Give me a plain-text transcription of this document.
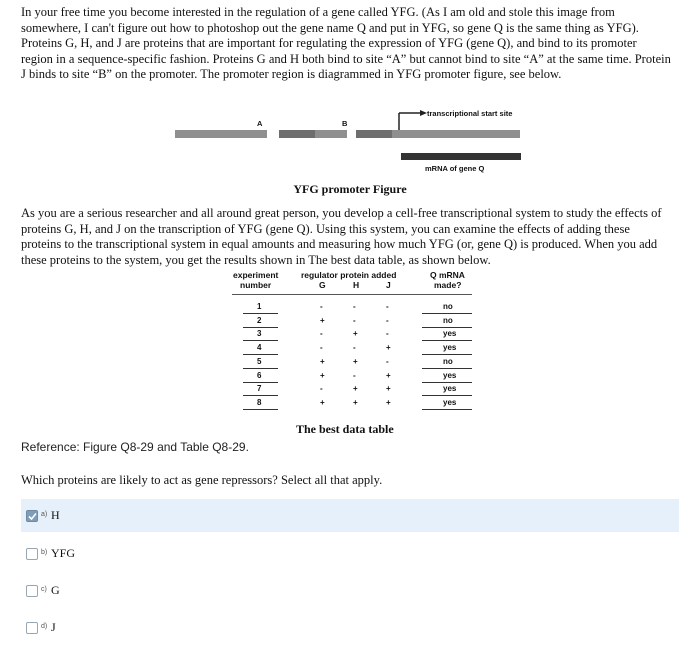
In your free time you become interested in the regulation of a gene called YFG. (As I am old and stole this image from somewhere, I can't figure out how to photoshop out the gene name Q and put in YFG, so gene Q is the same thing as YFG). Proteins G, H, and J are proteins that are important for regulating the expression of YFG (gene Q), and bind to its promoter region in a sequence-specific fashion. Proteins G and H both bind to site “A” but cannot bind to site “A” at the same time. Protein J binds to site “B” on the promoter. The promoter region is diagrammed in YFG promoter figure, see below.

A	B
transcriptional start site
mRNA of gene Q
YFG promoter Figure

As you are a serious researcher and all around great person, you develop a cell-free transcriptional system to study the effects of proteins G, H, and J on the transcription of YFG (gene Q). Using this system, you can examine the effects of adding these proteins to the transcriptional system in equal amounts and measuring how much YFG (or, gene Q) is produced. When you add these proteins to the system, you get the results shown in The best data table, as shown below.

experiment
number
regulator protein added
G	H	J
Q mRNA
made?
1	-	-	-	no
2	+	-	-	no
3	-	+	-	yes
4	-	-	+	yes
5	+	+	-	no
6	+	-	+	yes
7	-	+	+	yes
8	+	+	+	yes
The best data table
Reference: Figure Q8-29 and Table Q8-29.
Which proteins are likely to act as gene repressors? Select all that apply.
a) H
b) YFG
c) G
d) J
